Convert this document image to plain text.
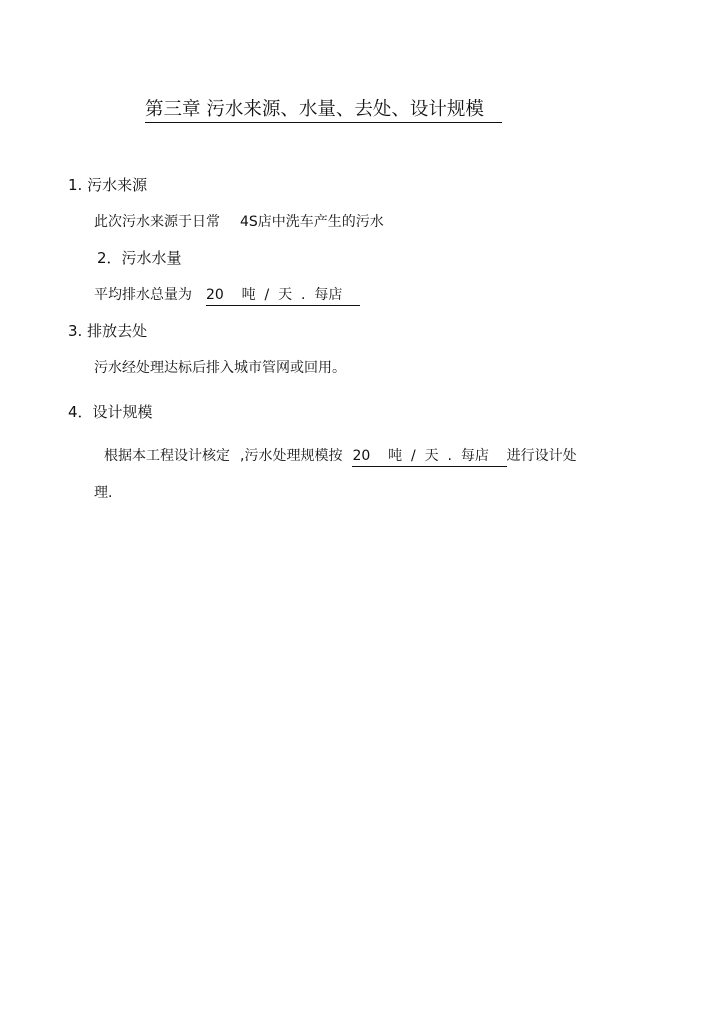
第三章 污水来源、水量、去处、设计规模
1. 污水来源
此次污水来源于日常 4S店中洗车产生的污水
2．污水水量
平均排水总量为 20    吨  /  天  .  每店
3. 排放去处
污水经处理达标后排入城市管网或回用。
4．设计规模
根据本工程设计核定 ,污水处理规模按 20    吨  /  天  .  每店    进行设计处
理.
